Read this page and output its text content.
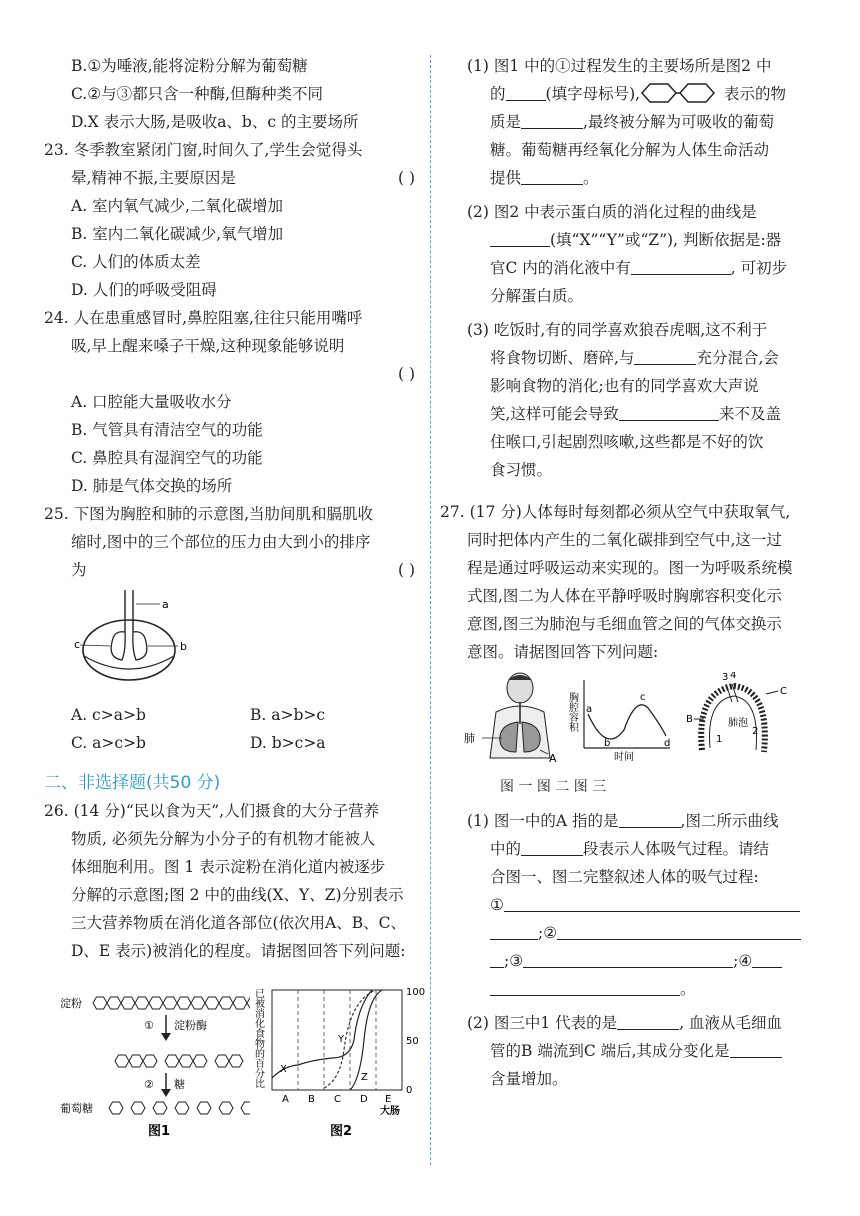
B.①为唾液,能将淀粉分解为葡萄糖
C.②与③都只含一种酶,但酶种类不同
D.X 表示大肠,是吸收a、b、c 的主要场所
23. 冬季教室紧闭门窗,时间久了,学生会觉得头
晕,精神不振,主要原因是	( )
A. 室内氧气减少,二氧化碳增加
B. 室内二氧化碳减少,氧气增加
C. 人们的体质太差
D. 人们的呼吸受阻碍
24. 人在患重感冒时,鼻腔阻塞,往往只能用嘴呼
吸,早上醒来嗓子干燥,这种现象能够说明
( )

A. 口腔能大量吸收水分
B. 气管具有清洁空气的功能
C. 鼻腔具有湿润空气的功能
D. 肺是气体交换的场所
25. 下图为胸腔和肺的示意图,当肋间肌和膈肌收
缩时,图中的三个部位的压力由大到小的排序
为	( )
a
c	b
A. c>a>b	B. a>b>c
C. a>c>b	D. b>c>a
二、非选择题(共50 分)
26. (14 分)“民以食为天”,人们摄食的大分子营养
物质, 必须先分解为小分子的有机物才能被人
体细胞利用。图 1 表示淀粉在消化道内被逐步
分解的示意图;图 2 中的曲线(X、Y、Z)分别表示
三大营养物质在消化道各部位(依次用A、B、C、
D、E 表示)被消化的程度。请据图回答下列问题:
淀粉
① 淀粉酶
② 糖
葡萄糖
图1
已被消化食物的百分比	100
50
0
X
Y
Z
A B C D E
大肠
图2
(1) 图1 中的①过程发生的主要场所是图2 中
的	(填字母标号),	表示的物
质是	,最终被分解为可吸收的葡萄
糖。葡萄糖再经氧化分解为人体生命活动
提供	。
(2) 图2 中表示蛋白质的消化过程的曲线是
(填“X”“Y”或“Z”), 判断依据是:器
官C 内的消化液中有	, 可初步
分解蛋白质。
(3) 吃饭时,有的同学喜欢狼吞虎咽,这不利于
将食物切断、磨碎,与	充分混合,会
影响食物的消化;也有的同学喜欢大声说
笑,这样可能会导致	来不及盖
住喉口,引起剧烈咳嗽,这些都是不好的饮
食习惯。
27. (17 分)人体每时每刻都必须从空气中获取氧气,
同时把体内产生的二氧化碳排到空气中,这一过
程是通过呼吸运动来实现的。图一为呼吸系统模
式图,图二为人体在平静呼吸时胸廓容积变化示
意图,图三为肺泡与毛细血管之间的气体交换示
意图。请据图回答下列问题:
肺
A
胸腔容积 a
b
c
d
时间
3 4
1
2
肺泡
B
C
图 一 图 二 图 三
(1) 图一中的A 指的是	,图二所示曲线
中的	段表示人体吸气过程。请结
合图一、图二完整叙述人体的吸气过程:
①
;②
;③	;④
。
(2) 图三中1 代表的是	, 血液从毛细血
管的B 端流到C 端后,其成分变化是
含量增加。
